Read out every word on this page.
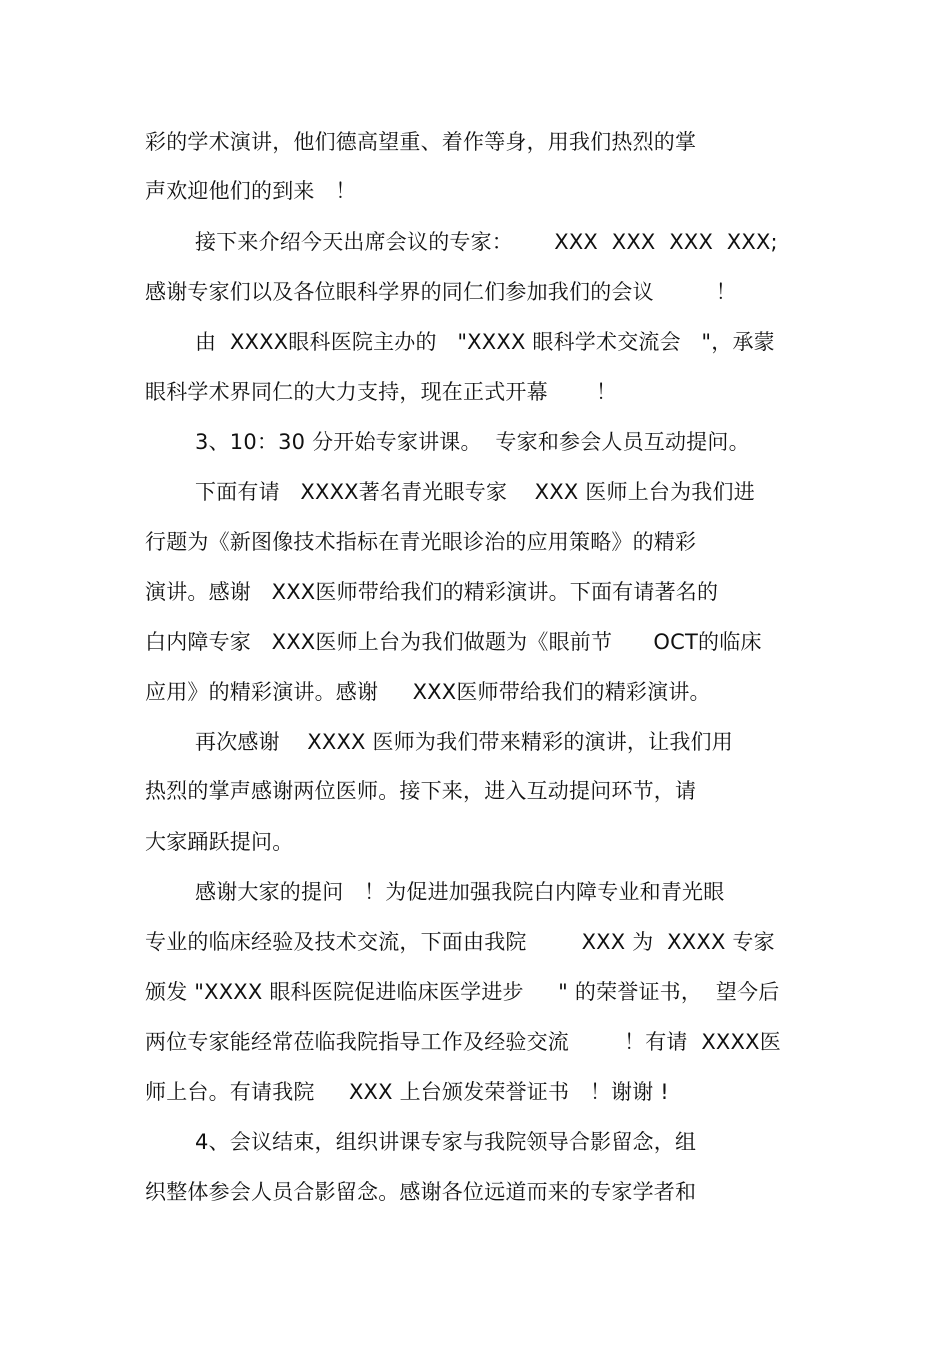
彩的学术演讲，他们德高望重、着作等身，用我们热烈的掌
声欢迎他们的到来   ！
接下来介绍今天出席会议的专家：      XXX  XXX  XXX  XXX;
感谢专家们以及各位眼科学界的同仁们参加我们的会议         ！
由  XXXX眼科医院主办的   "XXXX 眼科学术交流会   "，承蒙
眼科学术界同仁的大力支持，现在正式开幕       ！
3、10：30 分开始专家讲课。  专家和参会人员互动提问。
下面有请   XXXX著名青光眼专家    XXX 医师上台为我们进
行题为《新图像技术指标在青光眼诊治的应用策略》的精彩
演讲。感谢   XXX医师带给我们的精彩演讲。下面有请著名的
白内障专家   XXX医师上台为我们做题为《眼前节      OCT的临床
应用》的精彩演讲。感谢     XXX医师带给我们的精彩演讲。
再次感谢    XXXX 医师为我们带来精彩的演讲，让我们用
热烈的掌声感谢两位医师。接下来，进入互动提问环节，请
大家踊跃提问。
感谢大家的提问   ！为促进加强我院白内障专业和青光眼
专业的临床经验及技术交流，下面由我院        XXX 为  XXXX 专家
颁发 "XXXX 眼科医院促进临床医学进步     " 的荣誉证书，  望今后
两位专家能经常莅临我院指导工作及经验交流        ！有请  XXXX医
师上台。有请我院     XXX 上台颁发荣誉证书   ！谢谢 !
4、会议结束，组织讲课专家与我院领导合影留念，组
织整体参会人员合影留念。感谢各位远道而来的专家学者和
